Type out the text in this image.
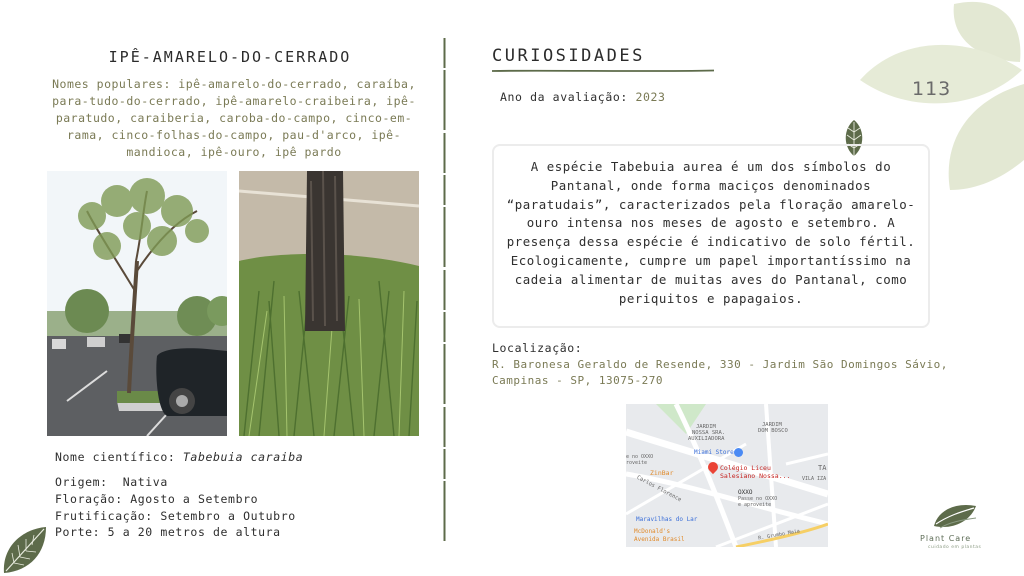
IPÊ-AMARELO-DO-CERRADO
Nomes populares: ipê-amarelo-do-cerrado, caraíba, para-tudo-do-cerrado, ipê-amarelo-craibeira, ipê-paratudo, caraiberia, caroba-do-campo, cinco-em-rama, cinco-folhas-do-campo, pau-d'arco, ipê-mandioca, ipê-ouro, ipê pardo
Nome científico: Tabebuia caraiba
Origem:  Nativa
Floração: Agosto a Setembro
Frutificação: Setembro a Outubro
Porte: 5 a 20 metros de altura
CURIOSIDADES
Ano da avaliação: 2023	113
A espécie Tabebuia aurea é um dos símbolos do Pantanal, onde forma maciços denominados “paratudais”, caracterizados pela floração amarelo-ouro intensa nos meses de agosto e setembro. A presença dessa espécie é indicativo de solo fértil. Ecologicamente, cumpre um papel importantíssimo na cadeia alimentar de muitas aves do Pantanal, como periquitos e papagaios.
Localização:
R. Baronesa Geraldo de Resende, 330 - Jardim São Domingos Sávio,
Campinas - SP, 13075-270
JARDIM
DOM BOSCO
JARDIM
NOSSA SRA.
AUXILIADORA
Miami Store
ZinBar
Colégio Liceu
Salesiano Nossa...
OXXO
Passe no OXXO
e aproveite
Maravilhas do Lar
McDonald's
Avenida Brasil
VILA IZA
TA
e no OXXO
roveite
Carlos Florence
R. Grumbo Maia	Plant Care
cuidado em plantas
